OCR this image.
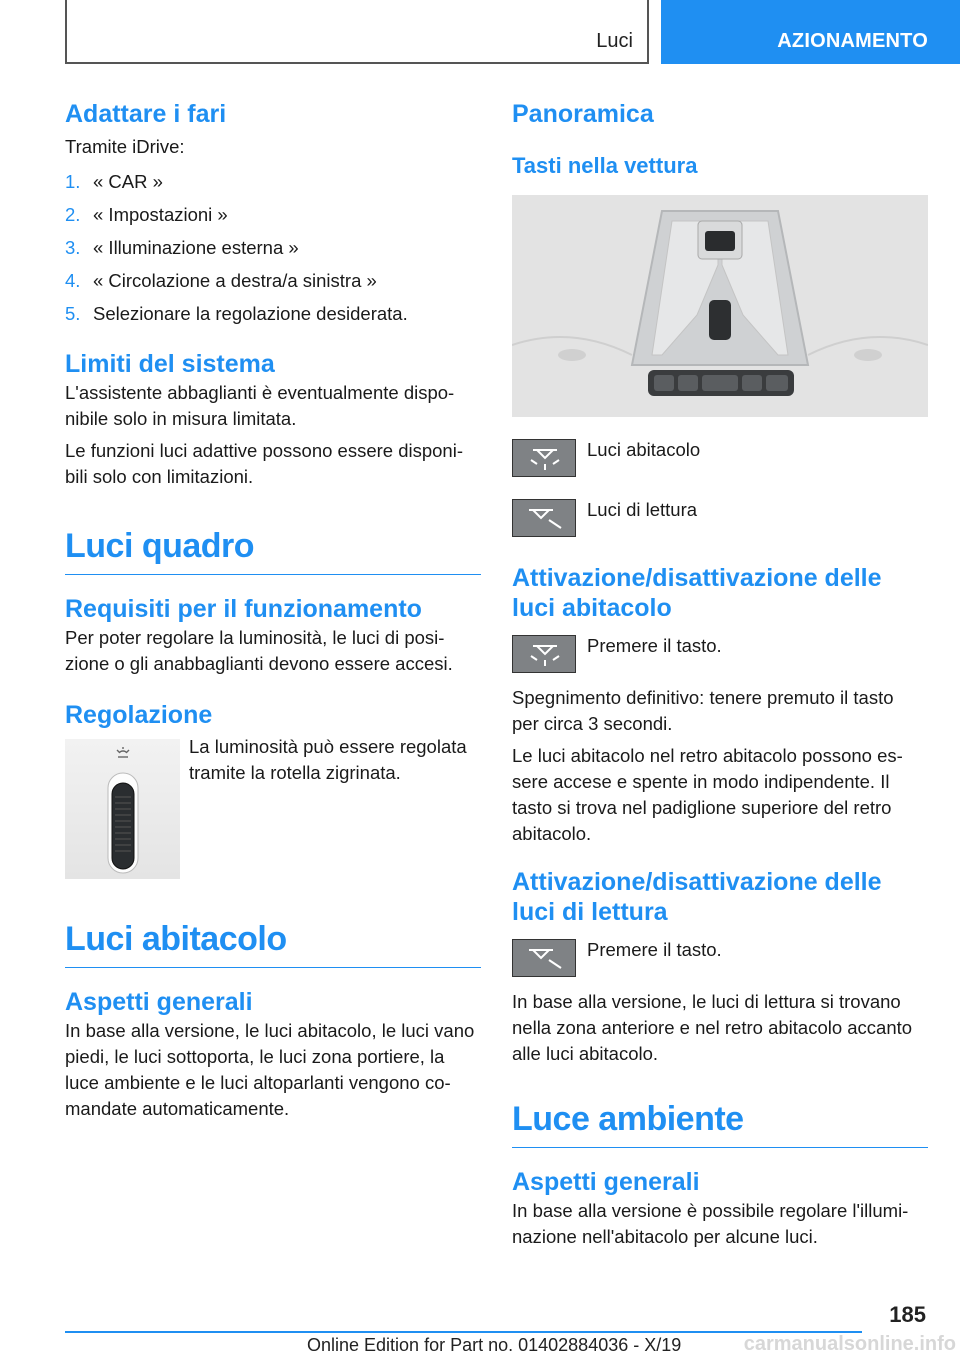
Luci	AZIONAMENTO
Adattare i fari

Tramite iDrive:

1. « CAR »
2. « Impostazioni »
3. « Illuminazione esterna »
4. « Circolazione a destra/a sinistra »
5. Selezionare la regolazione desiderata.
Limiti del sistema

L'assistente abbaglianti è eventualmente dispo-
nibile solo in misura limitata.

Le funzioni luci adattive possono essere disponi-
bili solo con limitazioni.

Luci quadro
Requisiti per il funzionamento

Per poter regolare la luminosità, le luci di posi-
zione o gli anabbaglianti devono essere accesi.

Regolazione

La luminosità può essere regolata
tramite la rotella zigrinata.

Luci abitacolo
Aspetti generali

In base alla versione, le luci abitacolo, le luci vano
piedi, le luci sottoporta, le luci zona portiere, la
luce ambiente e le luci altoparlanti vengono co-
mandate automaticamente.

Panoramica
Tasti nella vettura
Luci abitacolo
Luci di lettura
Attivazione/disattivazione delle
luci abitacolo
Premere il tasto.

Spegnimento definitivo: tenere premuto il tasto
per circa 3 secondi.

Le luci abitacolo nel retro abitacolo possono es-
sere accese e spente in modo indipendente. Il
tasto si trova nel padiglione superiore del retro
abitacolo.

Attivazione/disattivazione delle
luci di lettura
Premere il tasto.

In base alla versione, le luci di lettura si trovano
nella zona anteriore e nel retro abitacolo accanto
alle luci abitacolo.

Luce ambiente
Aspetti generali

In base alla versione è possibile regolare l'illumi-
nazione nell'abitacolo per alcune luci.

185
Online Edition for Part no. 01402884036 - X/19	carmanualsonline.info
